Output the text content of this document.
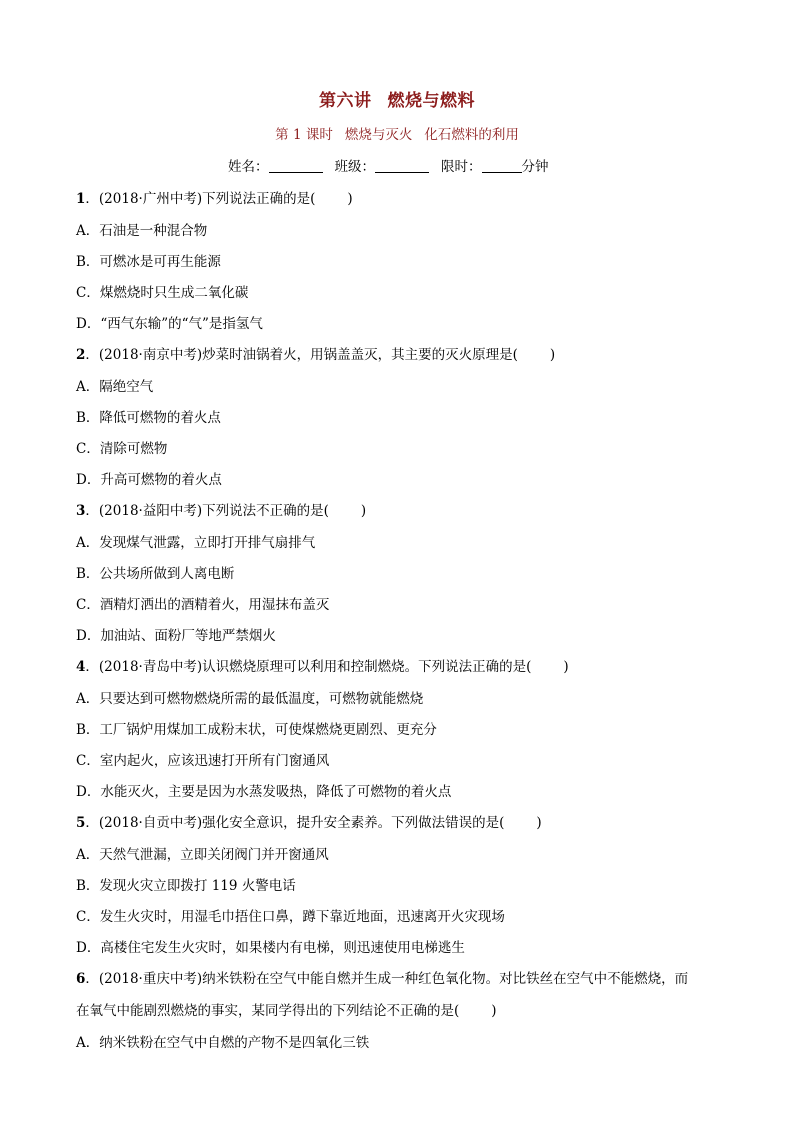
第六讲 燃烧与燃料
第 1 课时 燃烧与灭火 化石燃料的利用
姓名：	班级：	限时：	分钟
1．(2018·广州中考)下列说法正确的是( )
A．石油是一种混合物
B．可燃冰是可再生能源
C．煤燃烧时只生成二氧化碳
D．“西气东输”的“气”是指氢气
2．(2018·南京中考)炒菜时油锅着火，用锅盖盖灭，其主要的灭火原理是( )
A．隔绝空气
B．降低可燃物的着火点
C．清除可燃物
D．升高可燃物的着火点
3．(2018·益阳中考)下列说法不正确的是( )
A．发现煤气泄露，立即打开排气扇排气
B．公共场所做到人离电断
C．酒精灯洒出的酒精着火，用湿抹布盖灭
D．加油站、面粉厂等地严禁烟火
4．(2018·青岛中考)认识燃烧原理可以利用和控制燃烧。下列说法正确的是( )
A．只要达到可燃物燃烧所需的最低温度，可燃物就能燃烧
B．工厂锅炉用煤加工成粉末状，可使煤燃烧更剧烈、更充分
C．室内起火，应该迅速打开所有门窗通风
D．水能灭火，主要是因为水蒸发吸热，降低了可燃物的着火点
5．(2018·自贡中考)强化安全意识，提升安全素养。下列做法错误的是( )
A．天然气泄漏，立即关闭阀门并开窗通风
B．发现火灾立即拨打 119 火警电话
C．发生火灾时，用湿毛巾捂住口鼻，蹲下靠近地面，迅速离开火灾现场
D．高楼住宅发生火灾时，如果楼内有电梯，则迅速使用电梯逃生
6．(2018·重庆中考)纳米铁粉在空气中能自燃并生成一种红色氧化物。对比铁丝在空气中不能燃烧，而
在氧气中能剧烈燃烧的事实，某同学得出的下列结论不正确的是( )
A．纳米铁粉在空气中自燃的产物不是四氧化三铁
